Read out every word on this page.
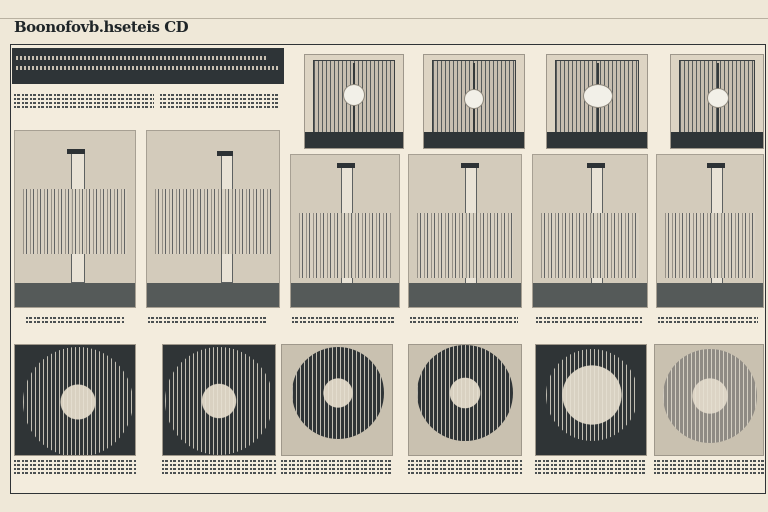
Boonofovb.hseteis CD
